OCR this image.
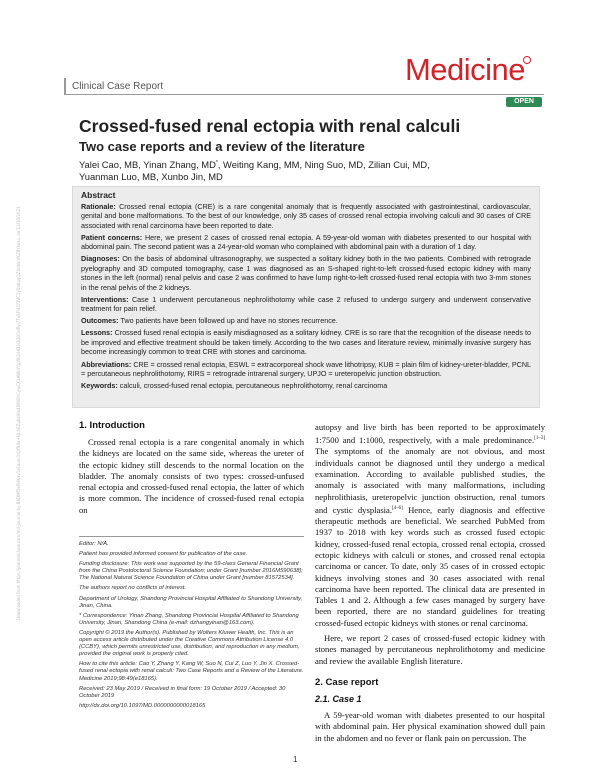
Downloaded from https://journals.lww.com/md-journal by BhDMf5ePHKav1zEoum1tQfN4a+kJLhEZgbsIHo4XMi0hCywCX1AWnYQp/IlQrHD3i3D0OdRyi7TvSFl4Cf3VC1y0abggQZXdtwnfKZBYtws= on 12/10/2023
Clinical Case Report	Medicine
OPEN
Crossed-fused renal ectopia with renal calculi
Two case reports and a review of the literature
Yalei Cao, MB, Yinan Zhang, MD*, Weiting Kang, MM, Ning Suo, MD, Zilian Cui, MD,
Yuanman Luo, MB, Xunbo Jin, MD
Abstract

Rationale: Crossed renal ectopia (CRE) is a rare congenital anomaly that is frequently associated with gastrointestinal, cardiovascular, genital and bone malformations. To the best of our knowledge, only 35 cases of crossed renal ectopia involving calculi and 30 cases of CRE associated with renal carcinoma have been reported to date.

Patient concerns: Here, we present 2 cases of crossed renal ectopia. A 59-year-old woman with diabetes presented to our hospital with abdominal pain. The second patient was a 24-year-old woman who complained with abdominal pain with a duration of 1 day.

Diagnoses: On the basis of abdominal ultrasonography, we suspected a solitary kidney both in the two patients. Combined with retrograde pyelography and 3D computed tomography, case 1 was diagnosed as an S-shaped right-to-left crossed-fused ectopic kidney with many stones in the left (normal) renal pelvis and case 2 was confirmed to have lump right-to-left crossed-fused renal ectopia with two 3-mm stones in the renal pelvis of the 2 kidneys.

Interventions: Case 1 underwent percutaneous nephrolithotomy while case 2 refused to undergo surgery and underwent conservative treatment for pain relief.

Outcomes: Two patients have been followed up and have no stones recurrence.

Lessons: Crossed fused renal ectopia is easily misdiagnosed as a solitary kidney. CRE is so rare that the recognition of the disease needs to be improved and effective treatment should be taken timely. According to the two cases and literature review, minimally invasive surgery has become increasingly common to treat CRE with stones and carcinoma.

Abbreviations: CRE = crossed renal ectopia, ESWL = extracorporeal shock wave lithotripsy, KUB = plain film of kidney-ureter-bladder, PCNL = percutaneous nephrolithotomy, RIRS = retrograde intrarenal surgery, UPJO = ureteropelvic junction obstruction.

Keywords: calculi, crossed-fused renal ectopia, percutaneous nephrolithotomy, renal carcinoma

1. Introduction

Crossed renal ectopia is a rare congenital anomaly in which the kidneys are located on the same side, whereas the ureter of the ectopic kidney still descends to the normal location on the bladder. The anomaly consists of two types: crossed-unfused renal ectopia and crossed-fused renal ectopia, the latter of which is more common. The incidence of crossed-fused renal ectopia on

Editor: N/A.

Patient has provided informed consent for publication of the case.

Funding disclosure: This work was supported by the 59-class General Financial Grant from the China Postdoctoral Science Foundation; under Grant [number 2016M590638]; The National Natural Science Foundation of China under Grant [number 81572534].

The authors report no conflicts of interest.

Department of Urology, Shandong Provincial Hospital Affiliated to Shandong University, Jinan, China.

* Correspondence: Yinan Zhang, Shandong Provincial Hospital Affiliated to Shandong University, Jinan, Shandong China (e-mail: dzhangyinan@163.com).

Copyright © 2019 the Author(s). Published by Wolters Kluwer Health, Inc. This is an open access article distributed under the Creative Commons Attribution License 4.0 (CCBY), which permits unrestricted use, distribution, and reproduction in any medium, provided the original work is properly cited.

How to cite this article: Cao Y, Zhang Y, Kang W, Suo N, Cui Z, Luo Y, Jin X. Crossed-fused renal ectopia with renal calculi: Two Case Reports and a Review of the Literature. Medicine 2019;98:49(e18165).

Received: 23 May 2019 / Received in final form: 19 October 2019 / Accepted: 30 October 2019

http://dx.doi.org/10.1097/MD.0000000000018165

autopsy and live birth has been reported to be approximately 1:7500 and 1:1000, respectively, with a male predominance.[1–3] The symptoms of the anomaly are not obvious, and most individuals cannot be diagnosed until they undergo a medical examination. According to available published studies, the anomaly is associated with many malformations, including nephrolithiasis, ureteropelvic junction obstruction, renal tumors and cystic dysplasia.[4–6] Hence, early diagnosis and effective therapeutic methods are beneficial. We searched PubMed from 1937 to 2018 with key words such as crossed fused ectopic kidney, crossed-fused renal ectopia, crossed renal ectopia, crossed ectopic kidneys with calculi or stones, and crossed renal ectopia carcinoma or cancer. To date, only 35 cases of in crossed ectopic kidneys involving stones and 30 cases associated with renal carcinoma have been reported. The clinical data are presented in Tables 1 and 2. Although a few cases managed by surgery have been reported, there are no standard guidelines for treating crossed-fused ectopic kidneys with stones or renal carcinoma.

Here, we report 2 cases of crossed-fused ectopic kidney with stones managed by percutaneous nephrolithotomy and medicine and review the available English literature.

2. Case report
2.1. Case 1

A 59-year-old woman with diabetes presented to our hospital with abdominal pain. Her physical examination showed dull pain in the abdomen and no fever or flank pain on percussion. The

1
